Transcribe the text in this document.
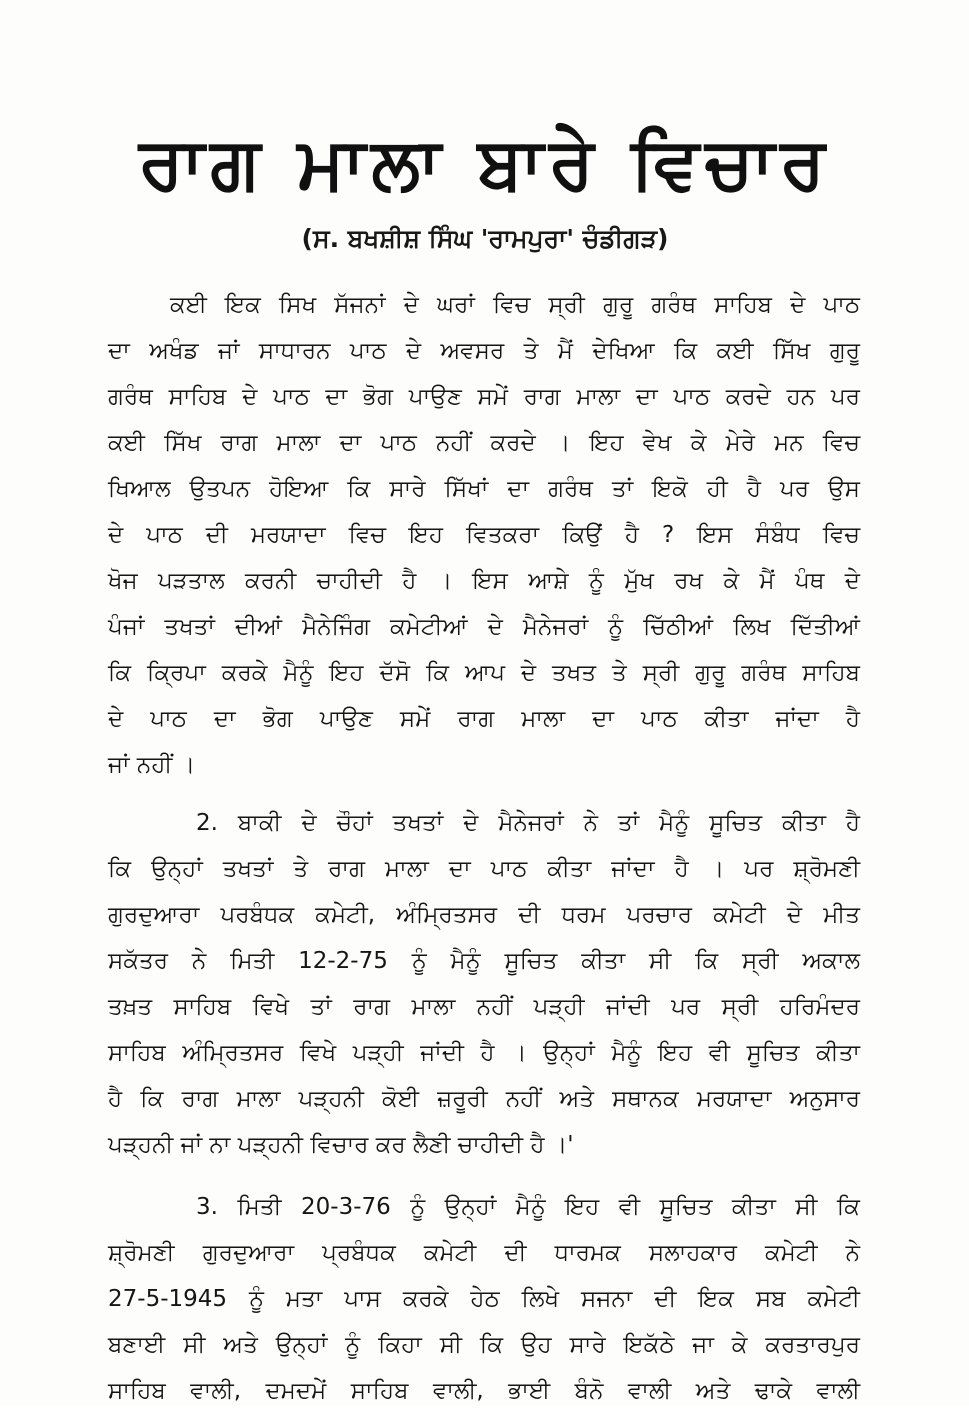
ਰਾਗ ਮਾਲਾ ਬਾਰੇ ਵਿਚਾਰ
(ਸ. ਬਖਸ਼ੀਸ਼ ਸਿੰਘ 'ਰਾਮਪੁਰਾ' ਚੰਡੀਗੜ)
ਕਈ ਇਕ ਸਿਖ ਸੱਜਨਾਂ ਦੇ ਘਰਾਂ ਵਿਚ ਸ੍ਰੀ ਗੁਰੂ ਗਰੰਥ ਸਾਹਿਬ ਦੇ ਪਾਠ
ਦਾ ਅਖੰਡ ਜਾਂ ਸਾਧਾਰਨ ਪਾਠ ਦੇ ਅਵਸਰ ਤੇ ਮੈਂ ਦੇਖਿਆ ਕਿ ਕਈ ਸਿੱਖ ਗੁਰੂ
ਗਰੰਥ ਸਾਹਿਬ ਦੇ ਪਾਠ ਦਾ ਭੋਗ ਪਾਉਣ ਸਮੇਂ ਰਾਗ ਮਾਲਾ ਦਾ ਪਾਠ ਕਰਦੇ ਹਨ ਪਰ
ਕਈ ਸਿੱਖ ਰਾਗ ਮਾਲਾ ਦਾ ਪਾਠ ਨਹੀਂ ਕਰਦੇ । ਇਹ ਵੇਖ ਕੇ ਮੇਰੇ ਮਨ ਵਿਚ
ਖਿਆਲ ਉਤਪਨ ਹੋਇਆ ਕਿ ਸਾਰੇ ਸਿੱਖਾਂ ਦਾ ਗਰੰਥ ਤਾਂ ਇਕੋ ਹੀ ਹੈ ਪਰ ਉਸ
ਦੇ ਪਾਠ ਦੀ ਮਰਯਾਦਾ ਵਿਚ ਇਹ ਵਿਤਕਰਾ ਕਿਉਂ ਹੈ ? ਇਸ ਸੰਬੰਧ ਵਿਚ
ਖੋਜ ਪੜਤਾਲ ਕਰਨੀ ਚਾਹੀਦੀ ਹੈ । ਇਸ ਆਸ਼ੇ ਨੂੰ ਮੁੱਖ ਰਖ ਕੇ ਮੈਂ ਪੰਥ ਦੇ
ਪੰਜਾਂ ਤਖਤਾਂ ਦੀਆਂ ਮੈਨੇਜਿੰਗ ਕਮੇਟੀਆਂ ਦੇ ਮੈਨੇਜਰਾਂ ਨੂੰ ਚਿੱਠੀਆਂ ਲਿਖ ਦਿੱਤੀਆਂ
ਕਿ ਕ੍ਰਿਪਾ ਕਰਕੇ ਮੈਨੂੰ ਇਹ ਦੱਸੋ ਕਿ ਆਪ ਦੇ ਤਖਤ ਤੇ ਸ੍ਰੀ ਗੁਰੂ ਗਰੰਥ ਸਾਹਿਬ
ਦੇ ਪਾਠ ਦਾ ਭੋਗ ਪਾਉਣ ਸਮੇਂ ਰਾਗ ਮਾਲਾ ਦਾ ਪਾਠ ਕੀਤਾ ਜਾਂਦਾ ਹੈ
ਜਾਂ ਨਹੀਂ ।
2. ਬਾਕੀ ਦੇ ਚੌਹਾਂ ਤਖਤਾਂ ਦੇ ਮੈਨੇਜਰਾਂ ਨੇ ਤਾਂ ਮੈਨੂੰ ਸੂਚਿਤ ਕੀਤਾ ਹੈ
ਕਿ ਉਨ੍ਹਾਂ ਤਖਤਾਂ ਤੇ ਰਾਗ ਮਾਲਾ ਦਾ ਪਾਠ ਕੀਤਾ ਜਾਂਦਾ ਹੈ । ਪਰ ਸ਼੍ਰੋਮਣੀ
ਗੁਰਦੁਆਰਾ ਪਰਬੰਧਕ ਕਮੇਟੀ, ਅੰਮ੍ਰਿਤਸਰ ਦੀ ਧਰਮ ਪਰਚਾਰ ਕਮੇਟੀ ਦੇ ਮੀਤ
ਸਕੱਤਰ ਨੇ ਮਿਤੀ 12-2-75 ਨੂੰ ਮੈਨੂੰ ਸੂਚਿਤ ਕੀਤਾ ਸੀ ਕਿ ਸ੍ਰੀ ਅਕਾਲ
ਤਖ਼ਤ ਸਾਹਿਬ ਵਿਖੇ ਤਾਂ ਰਾਗ ਮਾਲਾ ਨਹੀਂ ਪੜ੍ਹੀ ਜਾਂਦੀ ਪਰ ਸ੍ਰੀ ਹਰਿਮੰਦਰ
ਸਾਹਿਬ ਅੰਮ੍ਰਿਤਸਰ ਵਿਖੇ ਪੜ੍ਹੀ ਜਾਂਦੀ ਹੈ । ਉਨ੍ਹਾਂ ਮੈਨੂੰ ਇਹ ਵੀ ਸੂਚਿਤ ਕੀਤਾ
ਹੈ ਕਿ ਰਾਗ ਮਾਲਾ ਪੜ੍ਹਨੀ ਕੋਈ ਜ਼ਰੂਰੀ ਨਹੀਂ ਅਤੇ ਸਥਾਨਕ ਮਰਯਾਦਾ ਅਨੁਸਾਰ
ਪੜ੍ਹਨੀ ਜਾਂ ਨਾ ਪੜ੍ਹਨੀ ਵਿਚਾਰ ਕਰ ਲੈਣੀ ਚਾਹੀਦੀ ਹੈ ।'
3. ਮਿਤੀ 20-3-76 ਨੂੰ ਉਨ੍ਹਾਂ ਮੈਨੂੰ ਇਹ ਵੀ ਸੂਚਿਤ ਕੀਤਾ ਸੀ ਕਿ
ਸ਼੍ਰੋਮਣੀ ਗੁਰਦੁਆਰਾ ਪ੍ਰਬੰਧਕ ਕਮੇਟੀ ਦੀ ਧਾਰਮਕ ਸਲਾਹਕਾਰ ਕਮੇਟੀ ਨੇ
27-5-1945 ਨੂੰ ਮਤਾ ਪਾਸ ਕਰਕੇ ਹੇਠ ਲਿਖੇ ਸਜਨਾ ਦੀ ਇਕ ਸਬ ਕਮੇਟੀ
ਬਣਾਈ ਸੀ ਅਤੇ ਉਨ੍ਹਾਂ ਨੂੰ ਕਿਹਾ ਸੀ ਕਿ ਉਹ ਸਾਰੇ ਇਕੱਠੇ ਜਾ ਕੇ ਕਰਤਾਰਪੁਰ
ਸਾਹਿਬ ਵਾਲੀ, ਦਮਦਮੇਂ ਸਾਹਿਬ ਵਾਲੀ, ਭਾਈ ਬੰਨੋ ਵਾਲੀ ਅਤੇ ਢਾਕੇ ਵਾਲੀ
